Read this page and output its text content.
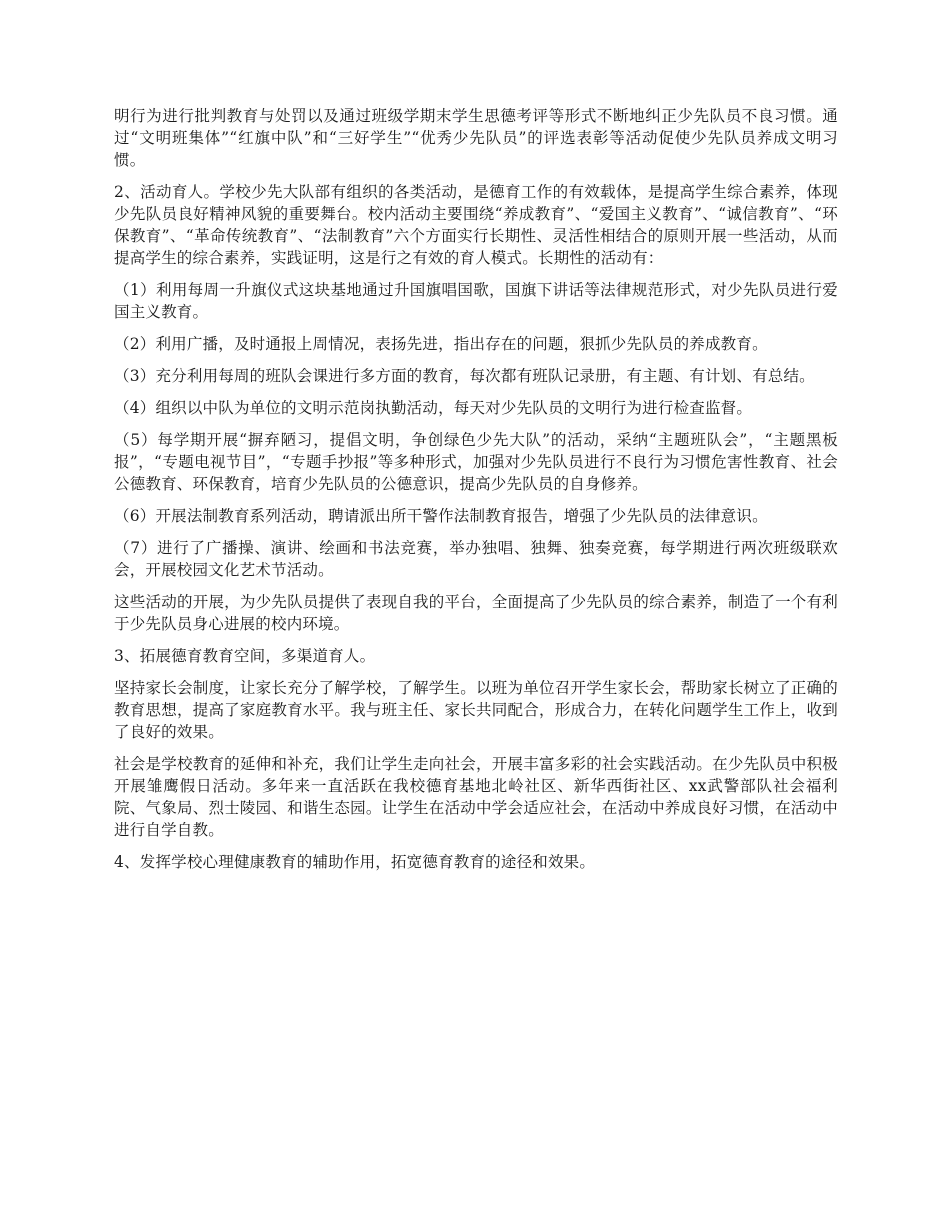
明行为进行批判教育与处罚以及通过班级学期末学生思德考评等形式不断地纠正少先队员不良习惯。通过“文明班集体”“红旗中队”和“三好学生”“优秀少先队员”的评选表彰等活动促使少先队员养成文明习惯。

2、活动育人。学校少先大队部有组织的各类活动，是德育工作的有效载体，是提高学生综合素养，体现少先队员良好精神风貌的重要舞台。校内活动主要围绕“养成教育”、“爱国主义教育”、“诚信教育”、“环保教育”、“革命传统教育”、“法制教育”六个方面实行长期性、灵活性相结合的原则开展一些活动，从而提高学生的综合素养，实践证明，这是行之有效的育人模式。长期性的活动有：

（1）利用每周一升旗仪式这块基地通过升国旗唱国歌，国旗下讲话等法律规范形式，对少先队员进行爱国主义教育。

（2）利用广播，及时通报上周情况，表扬先进，指出存在的问题，狠抓少先队员的养成教育。

（3）充分利用每周的班队会课进行多方面的教育，每次都有班队记录册，有主题、有计划、有总结。

（4）组织以中队为单位的文明示范岗执勤活动，每天对少先队员的文明行为进行检查监督。

（5）每学期开展“摒弃陋习，提倡文明，争创绿色少先大队”的活动，采纳“主题班队会”，“主题黑板报”，“专题电视节目”，“专题手抄报”等多种形式，加强对少先队员进行不良行为习惯危害性教育、社会公德教育、环保教育，培育少先队员的公德意识，提高少先队员的自身修养。

（6）开展法制教育系列活动，聘请派出所干警作法制教育报告，增强了少先队员的法律意识。

（7）进行了广播操、演讲、绘画和书法竞赛，举办独唱、独舞、独奏竞赛，每学期进行两次班级联欢会，开展校园文化艺术节活动。

这些活动的开展，为少先队员提供了表现自我的平台，全面提高了少先队员的综合素养，制造了一个有利于少先队员身心进展的校内环境。

3、拓展德育教育空间，多渠道育人。

坚持家长会制度，让家长充分了解学校，了解学生。以班为单位召开学生家长会，帮助家长树立了正确的教育思想，提高了家庭教育水平。我与班主任、家长共同配合，形成合力，在转化问题学生工作上，收到了良好的效果。

社会是学校教育的延伸和补充，我们让学生走向社会，开展丰富多彩的社会实践活动。在少先队员中积极开展雏鹰假日活动。多年来一直活跃在我校德育基地北岭社区、新华西街社区、xx武警部队社会福利院、气象局、烈士陵园、和谐生态园。让学生在活动中学会适应社会，在活动中养成良好习惯，在活动中进行自学自教。

4、发挥学校心理健康教育的辅助作用，拓宽德育教育的途径和效果。
